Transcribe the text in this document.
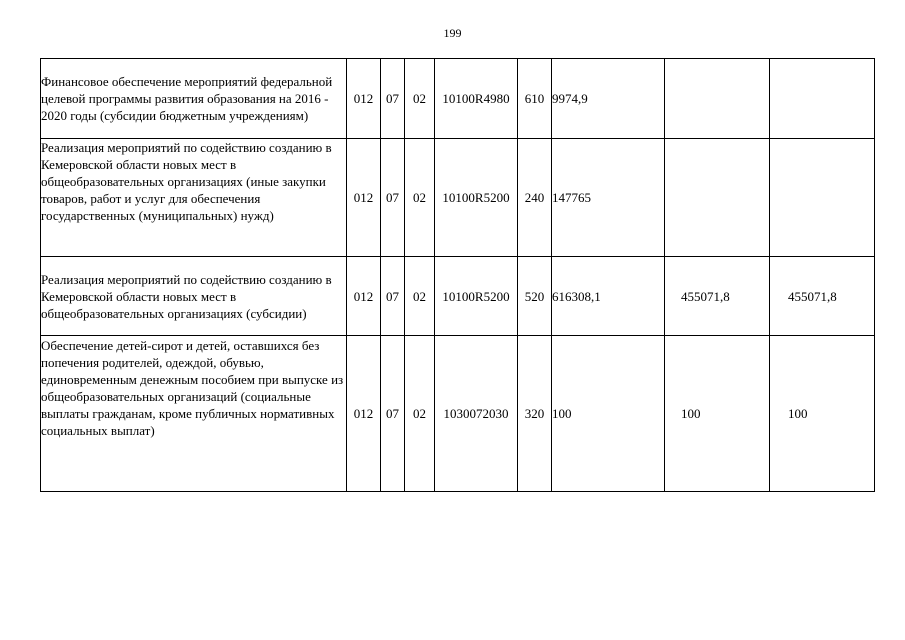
199
Финансовое обеспечение мероприятий федеральной целевой программы развития образования на 2016 - 2020 годы (субсидии бюджетным учреждениям)	012	07	02	10100R4980	610	9974,9		
Реализация мероприятий по содействию созданию в Кемеровской области новых мест в общеобразовательных организациях (иные закупки товаров, работ и услуг для обеспечения государственных (муниципальных) нужд)	012	07	02	10100R5200	240	147765		
Реализация мероприятий по содействию созданию в Кемеровской области новых мест в общеобразовательных организациях (субсидии)	012	07	02	10100R5200	520	616308,1	455071,8	455071,8
Обеспечение детей-сирот и детей, оставшихся без попечения родителей, одеждой, обувью, единовременным денежным пособием при выпуске из общеобразовательных организаций (социальные выплаты гражданам, кроме публичных нормативных социальных выплат)	012	07	02	1030072030	320	100	100	100
